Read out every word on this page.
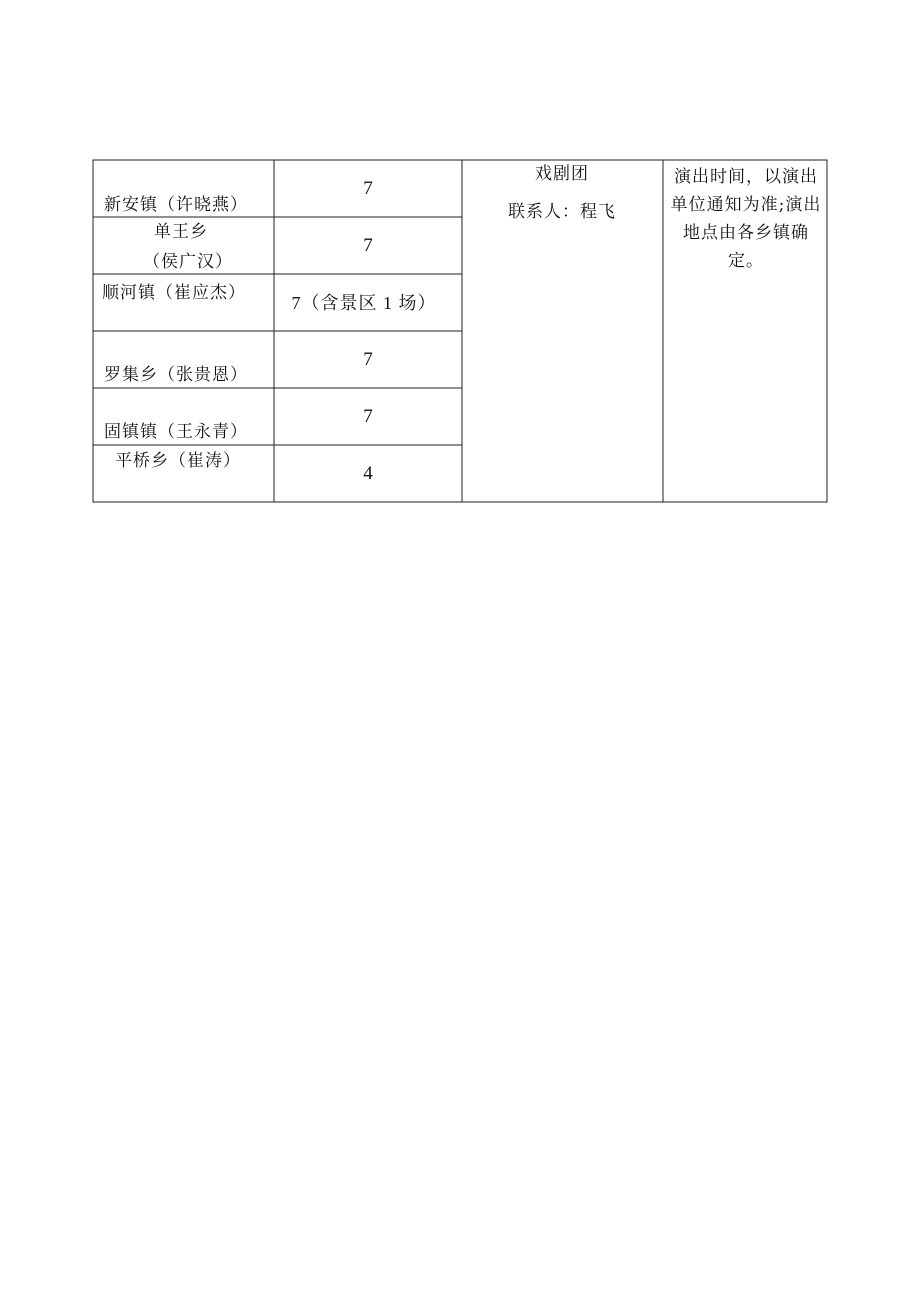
新安镇（许晓燕）
7
单王乡
（侯广汉）
7
顺河镇（崔应杰）	7（含景区 1 场）
罗集乡（张贵恩）
7
固镇镇（王永青）
7
平桥乡（崔涛）
4
戏剧团
联系人：程飞
演出时间，以演出单位通知为准;演出地点由各乡镇确定。
